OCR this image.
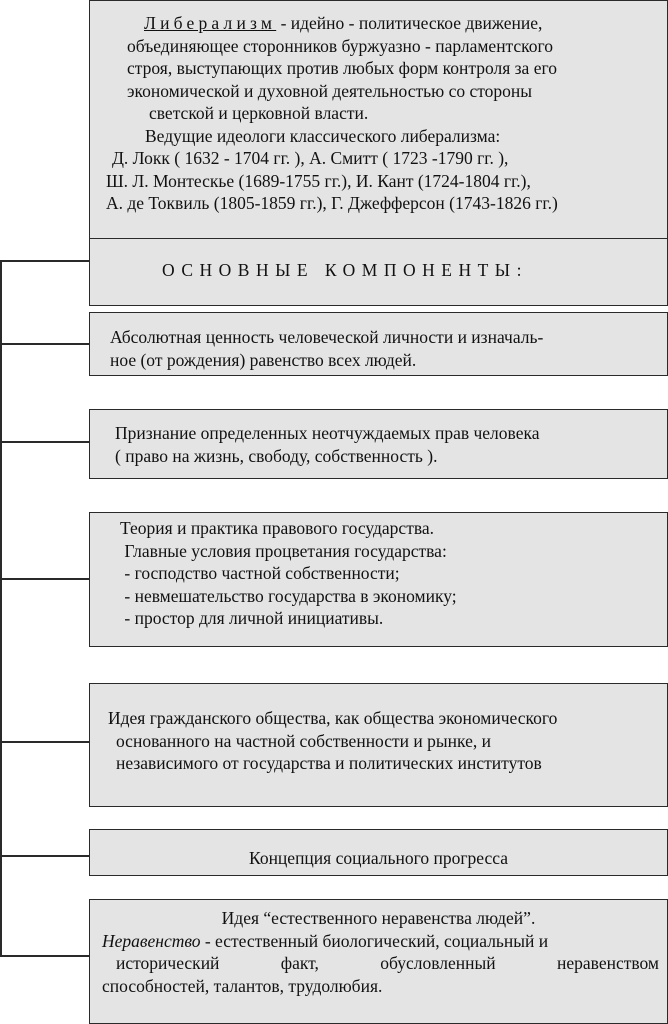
Либерализм - идейно - политическое движение,
объединяющее сторонников буржуазно - парламентского
строя, выступающих против любых форм контроля за его
экономической и духовной деятельностью со стороны
светской и церковной власти.
Ведущие идеологи классического либерализма:
Д. Локк ( 1632 - 1704 гг. ), А. Смитт ( 1723 -1790 гг. ),
Ш. Л. Монтескье (1689-1755 гг.), И. Кант (1724-1804 гг.),
А. де Токвиль (1805-1859 гг.), Г. Джефферсон (1743-1826 гг.)
ОСНОВНЫЕ КОМПОНЕНТЫ:
Абсолютная ценность человеческой личности и изначаль-
ное (от рождения) равенство всех людей.
Признание определенных неотчуждаемых прав человека
( право на жизнь, свободу, собственность ).
Теория и практика правового государства.
Главные условия процветания государства:
- господство частной собственности;
- невмешательство государства в экономику;
- простор для личной инициативы.
Идея гражданского общества, как общества экономического
основанного на частной собственности и рынке, и
независимого от государства и политических институтов
Концепция социального прогресса
Идея “естественного неравенства людей”.
Неравенство - естественный биологический, социальный и
исторический факт, обусловленный неравенством
способностей, талантов, трудолюбия.
